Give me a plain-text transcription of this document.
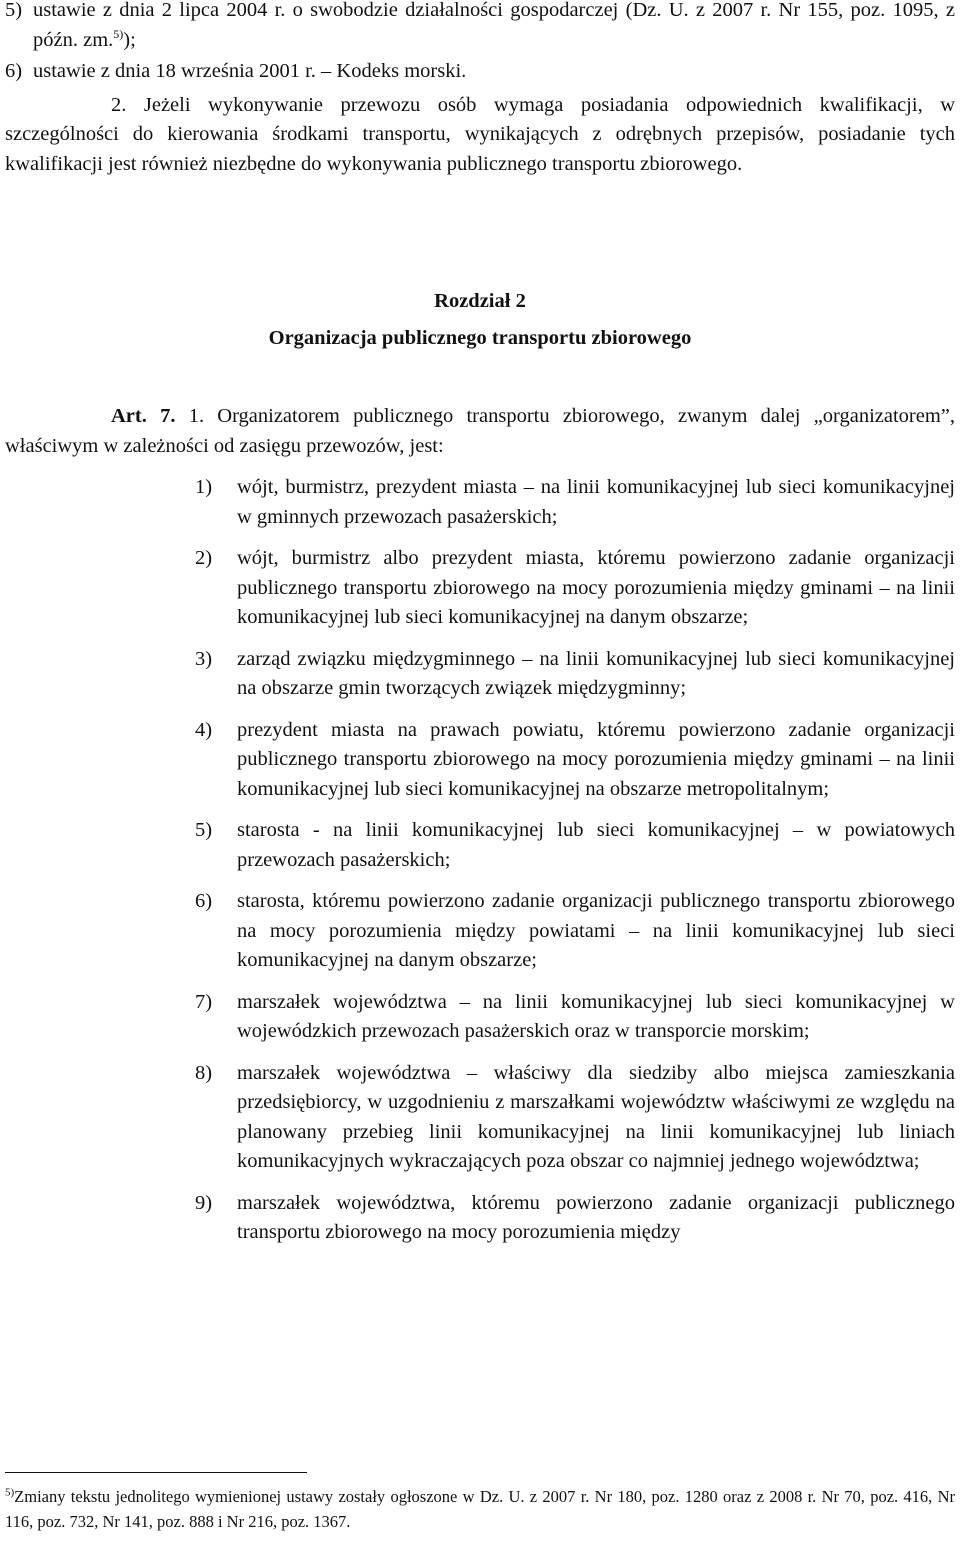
5) ustawie z dnia 2 lipca 2004 r. o swobodzie działalności gospodarczej (Dz. U. z 2007 r. Nr 155, poz. 1095, z późn. zm.$^{5)}$);
6) ustawie z dnia 18 września 2001 r. – Kodeks morski.

2. Jeżeli wykonywanie przewozu osób wymaga posiadania odpowiednich kwalifikacji, w szczególności do kierowania środkami transportu, wynikających z odrębnych przepisów, posiadanie tych kwalifikacji jest również niezbędne do wykonywania publicznego transportu zbiorowego.

Rozdział 2

Organizacja publicznego transportu zbiorowego

Art. 7. 1. Organizatorem publicznego transportu zbiorowego, zwanym dalej „organizatorem”, właściwym w zależności od zasięgu przewozów, jest:

1)	wójt, burmistrz, prezydent miasta – na linii komunikacyjnej lub sieci komunikacyjnej w gminnych przewozach pasażerskich;
2)	wójt, burmistrz albo prezydent miasta, któremu powierzono zadanie organizacji publicznego transportu zbiorowego na mocy porozumienia między gminami – na linii komunikacyjnej lub sieci komunikacyjnej na danym obszarze;
3)	zarząd związku międzygminnego – na linii komunikacyjnej lub sieci komunikacyjnej na obszarze gmin tworzących związek międzygminny;
4)	prezydent miasta na prawach powiatu, któremu powierzono zadanie organizacji publicznego transportu zbiorowego na mocy porozumienia między gminami – na linii komunikacyjnej lub sieci komunikacyjnej na obszarze metropolitalnym;
5)	starosta - na linii komunikacyjnej lub sieci komunikacyjnej – w powiatowych przewozach pasażerskich;
6)	starosta, któremu powierzono zadanie organizacji publicznego transportu zbiorowego na mocy porozumienia między powiatami – na linii komunikacyjnej lub sieci komunikacyjnej na danym obszarze;
7)	marszałek województwa – na linii komunikacyjnej lub sieci komunikacyjnej w wojewódzkich przewozach pasażerskich oraz w transporcie morskim;
8)	marszałek województwa – właściwy dla siedziby albo miejsca zamieszkania przedsiębiorcy, w uzgodnieniu z marszałkami województw właściwymi ze względu na planowany przebieg linii komunikacyjnej na linii komunikacyjnej lub liniach komunikacyjnych wykraczających poza obszar co najmniej jednego województwa;
9)	marszałek województwa, któremu powierzono zadanie organizacji publicznego transportu zbiorowego na mocy porozumienia między
$^{5)}$Zmiany tekstu jednolitego wymienionej ustawy zostały ogłoszone w Dz. U. z 2007 r. Nr 180, poz. 1280 oraz z 2008 r. Nr 70, poz. 416, Nr 116, poz. 732, Nr 141, poz. 888 i Nr 216, poz. 1367.
